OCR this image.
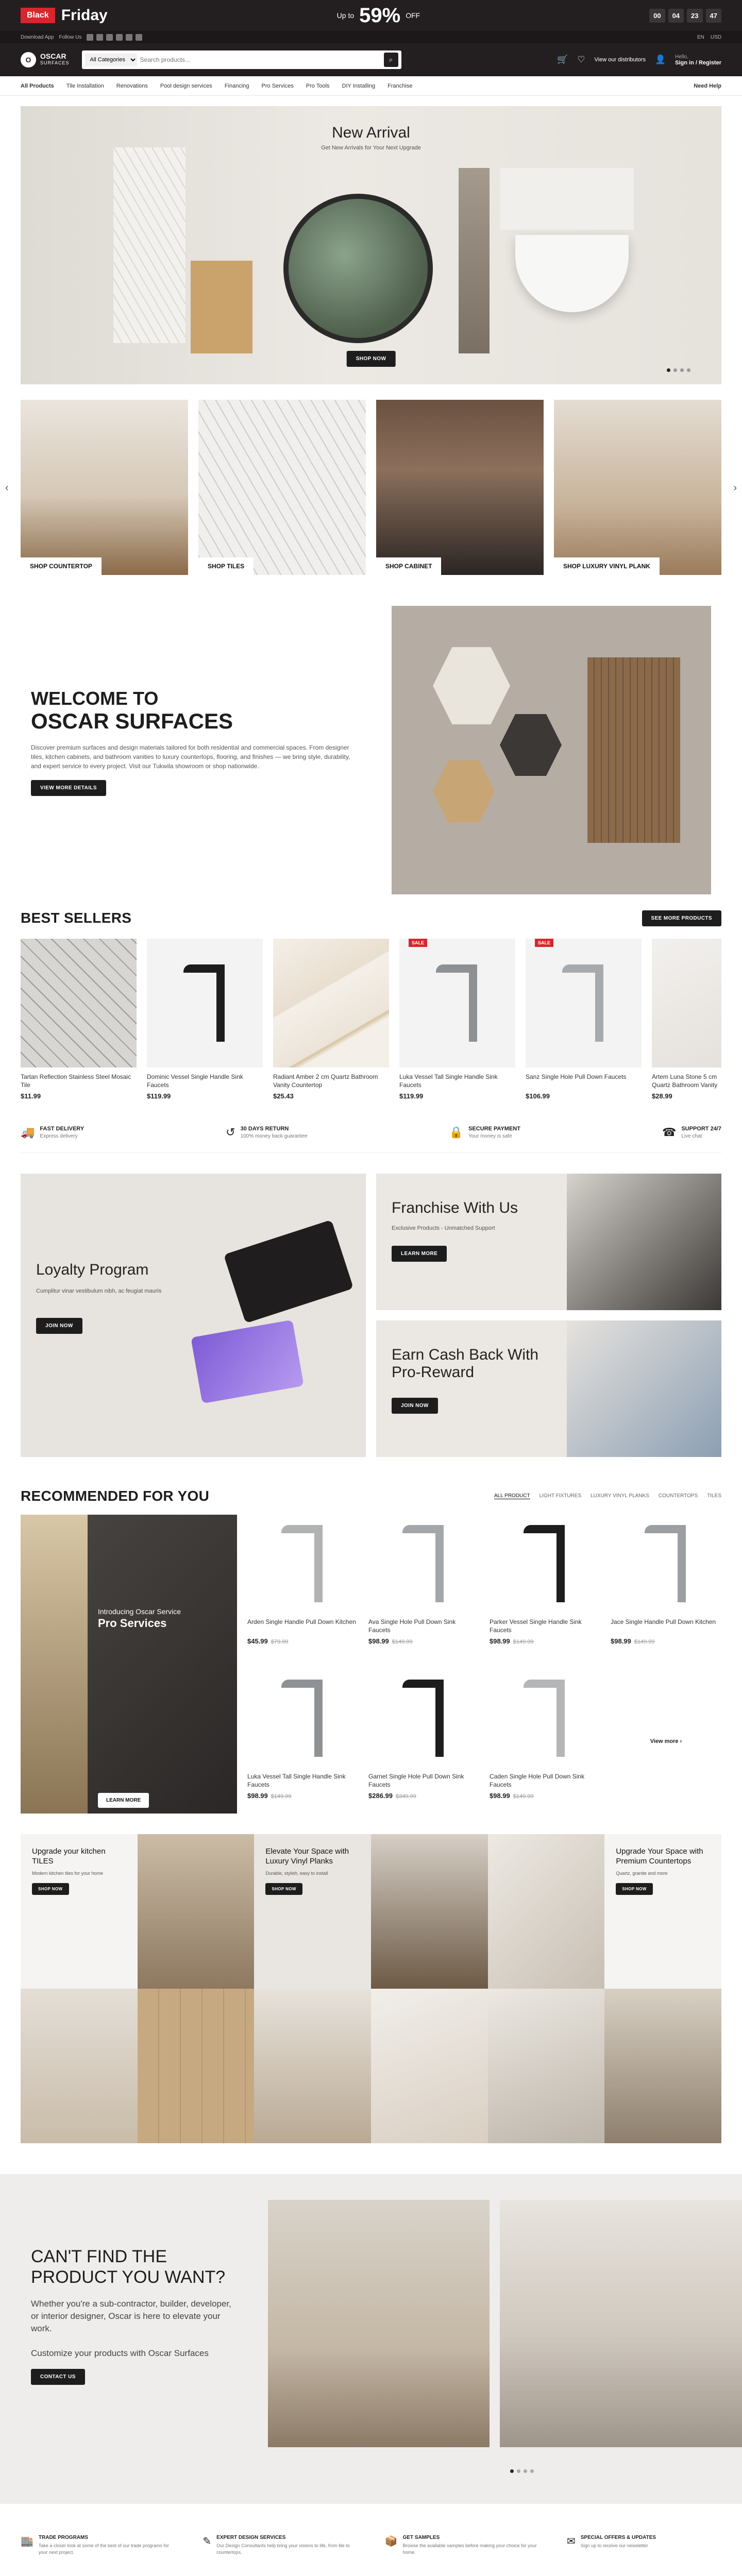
Black Friday	Up to 59% OFF	00	04	23	47
Download App Follow Us	EN USD
O	OSCAR
SURFACES
All Categories
Search products...	⌕	🛒 ♡ View our distributors 👤 Hello,
Sign in / Register
All Products Tile Installation Renovations Pool design services Financing Pro Services Pro Tools DIY Installing Franchise	Need Help
New Arrival
Get New Arrivals for Your Next Upgrade
SHOP NOW
‹
SHOP COUNTERTOP	SHOP TILES	SHOP CABINET	SHOP LUXURY VINYL PLANK
›
WELCOME TO
OSCAR SURFACES

Discover premium surfaces and design materials tailored for both residential and commercial spaces. From designer tiles, kitchen cabinets, and bathroom vanities to luxury countertops, flooring, and finishes — we bring style, durability, and expert service to every project. Visit our Tukwila showroom or shop nationwide.

VIEW MORE DETAILS
BEST SELLERS	SEE MORE PRODUCTS
Tartan Reflection Stainless Steel Mosaic Tile
$11.99
Dominic Vessel Single Handle Sink Faucets
$119.99
Radiant Amber 2 cm Quartz Bathroom Vanity Countertop
$25.43
SALE
Luka Vessel Tall Single Handle Sink Faucets
$119.99
SALE
Sanz Single Hole Pull Down Faucets
$106.99
Artem Luna Stone 5 cm Quartz Bathroom Vanity
$28.99
🚚 FAST DELIVERY
Express delivery	↺ 30 DAYS RETURN
100% money back guarantee	🔒 SECURE PAYMENT
Your money is safe	☎ SUPPORT 24/7
Live chat
Loyalty Program

Cumplitur vinar vestibulum nibh, ac feugiat mauris

JOIN NOW
Franchise With Us

Exclusive Products - Unmatched Support

LEARN MORE
Earn Cash Back With
Pro-Reward
JOIN NOW
RECOMMENDED FOR YOU	ALL PRODUCT LIGHT FIXTURES LUXURY VINYL PLANKS COUNTERTOPS TILES
Introducing Oscar Service
Pro Services
LEARN MORE
Arden Single Handle Pull Down Kitchen
$45.99 $79.99
Ava Single Hole Pull Down Sink Faucets
$98.99 $149.99
Parker Vessel Single Handle Sink Faucets
$98.99 $149.99
Jace Single Handle Pull Down Kitchen
$98.99 $149.99
Luka Vessel Tall Single Handle Sink Faucets
$98.99 $149.99
Garnet Single Hole Pull Down Sink Faucets
$286.99 $349.99
Caden Single Hole Pull Down Sink Faucets
$98.99 $149.99
View more ›
Upgrade your kitchen TILES

Modern kitchen tiles for your home

SHOP NOW
Elevate Your Space with Luxury Vinyl Planks

Durable, stylish, easy to install

SHOP NOW
Upgrade Your Space with Premium Countertops

Quartz, granite and more

SHOP NOW
CAN'T FIND THE PRODUCT YOU WANT?

Whether you're a sub-contractor, builder, developer, or interior designer, Oscar is here to elevate your work.

Customize your products with Oscar Surfaces

CONTACT US
🏬 TRADE PROGRAMS
Take a closer look at some of the best of our trade programs for your next project.
✎ EXPERT DESIGN SERVICES
Our Design Consultants help bring your visions to life, from tile to countertops.
📦 GET SAMPLES
Browse the available samples before making your choice for your home.
✉ SPECIAL OFFERS & UPDATES
Sign up to receive our newsletter
